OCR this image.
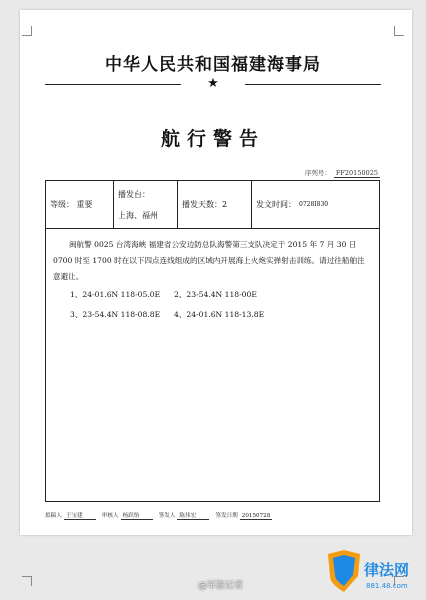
中华人民共和国福建海事局
★
航行警告
序列号： FF20150025
等级： 重要
播发台：
上海、福州
播发天数：2	发文时间： 0728I830

闽航警 0025 台湾海峡 福建省公安边防总队海警第三支队决定于 2015 年 7 月 30 日 0700 时至 1700 时在以下四点连线组成的区域内开展海上火炮实弹射击训练。请过往船舶注意避让。

1、24-01.6N 118-05.0E	2、23-54.4N 118-00E
3、23-54.4N 118-08.8E	4、24-01.6N 118-13.8E
拟稿人 王宝建	审核人 杨跃怡	签发人 陈伟宏	签发日期 20150728
@军报记者
律法网
881.48.com
